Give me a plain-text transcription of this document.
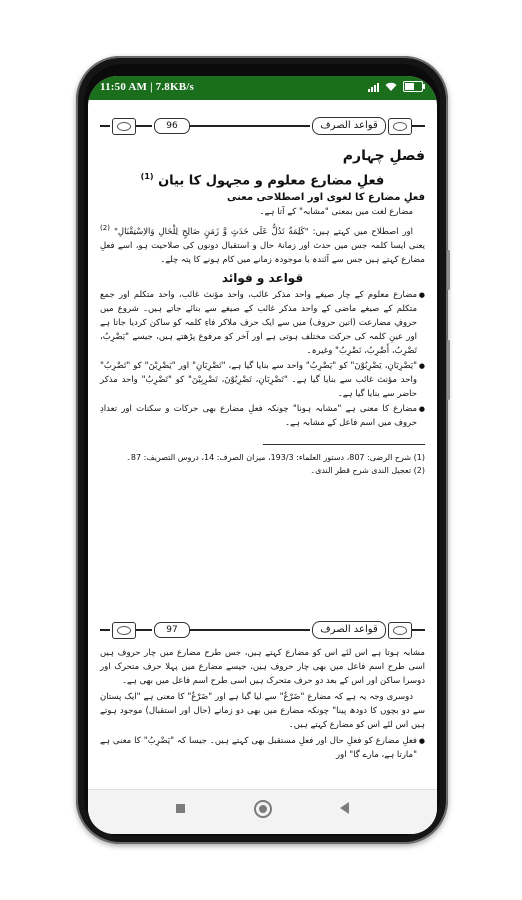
11:50 AM | 7.8KB/s
96	قواعد الصرف
فصلِ چہارم
فعلِ مضارع معلوم و مجہول کا بیان $^{(1)}$
فعلِ مضارع کا لغوی اور اصطلاحی معنی

مضارع لغت میں بمعنی "مشابہ" کے آتا ہے۔

اور اصطلاح میں کہتے ہیں: "كَلِمَةٌ تَدُلُّ عَلَى حَدَثٍ وَّ زَمَنٍ صَالِحٍ لِلْحَالِ وَالاِسْتِقْبَالِ" $^{(2)}$ یعنی ایسا کلمہ جس میں حدث اور زمانۂ حال و استقبال دونوں کی صلاحیت ہو، اسے فعلِ مضارع کہتے ہیں جس سے آئندہ یا موجودہ زمانے میں کام ہونے کا پتہ چلے۔

قواعد و فوائد
● مضارع معلوم کے چار صیغے واحد مذکر غائب، واحد مؤنث غائب، واحد متکلم اور جمع متکلم کے صیغے ماضی کے واحد مذکر غائب کے صیغے سے بنائے جاتے ہیں۔ شروع میں حروفِ مضارعت (اتین حروف) میں سے ایک حرف ملاکر فاءِ کلمہ کو ساکن کردیا جاتا ہے اور عینِ کلمہ کی حرکت مختلف ہوتی ہے اور آخر کو مرفوع پڑھتے ہیں، جیسے "يَضْرِبُ، تَضْرِبُ، أَضْرِبُ، نَضْرِبُ" وغیرہ۔
● "يَضْرِبَانِ، يَضْرِبُوْنَ" کو "يَضْرِبُ" واحد سے بنایا گیا ہے، "تَضْرِبَانِ" اور "يَضْرِبْنَ" کو "تَضْرِبُ" واحد مؤنث غائب سے بنایا گیا ہے۔ "تَضْرِبَانِ، تَضْرِبُوْنَ، تَضْرِبِيْنَ" کو "تَضْرِبُ" واحد مذکر حاضر سے بنایا گیا ہے۔
● مضارع کا معنی ہے "مشابہ ہونا" چونکہ فعلِ مضارع بھی حرکات و سکنات اور تعدادِ حروف میں اسم فاعل کے مشابہ ہے۔
(1) شرح الرضی: 807، دستور العلماء: 193/3، میزان الصرف: 14، دروس التصریف: 87۔
(2) تعجيل الندى شرح قطر الندى۔
97	قواعد الصرف

مشابہ ہوتا ہے اس لئے اس کو مضارع کہتے ہیں، جس طرح مضارع میں چار حروف ہیں اسی طرح اسم فاعل میں بھی چار حروف ہیں، جیسے مضارع میں پہلا حرف متحرک اور دوسرا ساکن اور اس کے بعد دو حرف متحرک ہیں اسی طرح اسم فاعل میں بھی ہے۔

دوسری وجہ یہ ہے کہ مضارع "ضَرْعٌ" سے لیا گیا ہے اور "ضَرْعٌ" کا معنی ہے "ایک پستان سے دو بچوں کا دودھ پینا" چونکہ مضارع میں بھی دو زمانے (حال اور استقبال) موجود ہوتے ہیں اس لئے اس کو مضارع کہتے ہیں۔

● فعلِ مضارع کو فعلِ حال اور فعلِ مستقبل بھی کہتے ہیں۔ جیسا کہ "يَضْرِبُ" کا معنی ہے "مارتا ہے، مارے گا" اور
